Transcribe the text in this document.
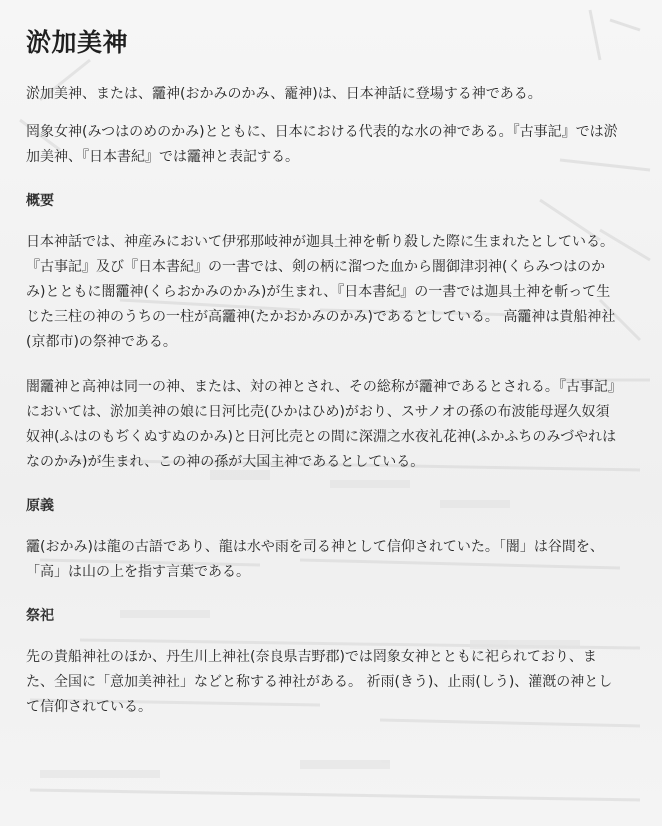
淤加美神

淤加美神、または、龗神(おかみのかみ、靇神)は、日本神話に登場する神である。

罔象女神(みつはのめのかみ)とともに、日本における代表的な水の神である。『古事記』では淤加美神、『日本書紀』では龗神と表記する。

概要

日本神話では、神産みにおいて伊邪那岐神が迦具土神を斬り殺した際に生まれたとしている。『古事記』及び『日本書紀』の一書では、剣の柄に溜つた血から闇御津羽神(くらみつはのかみ)とともに闇龗神(くらおかみのかみ)が生まれ、『日本書紀』の一書では迦具土神を斬って生じた三柱の神のうちの一柱が高龗神(たかおかみのかみ)であるとしている。 高龗神は貴船神社(京都市)の祭神である。

闇龗神と高神は同一の神、または、対の神とされ、その総称が龗神であるとされる。『古事記』においては、淤加美神の娘に日河比売(ひかはひめ)がおり、スサノオの孫の布波能母遅久奴須奴神(ふはのもぢくぬすぬのかみ)と日河比売との間に深淵之水夜礼花神(ふかふちのみづやれはなのかみ)が生まれ、この神の孫が大国主神であるとしている。

原義

龗(おかみ)は龍の古語であり、龍は水や雨を司る神として信仰されていた。「闇」は谷間を、「高」は山の上を指す言葉である。

祭祀

先の貴船神社のほか、丹生川上神社(奈良県吉野郡)では罔象女神とともに祀られており、また、全国に「意加美神社」などと称する神社がある。 祈雨(きう)、止雨(しう)、灌漑の神として信仰されている。
